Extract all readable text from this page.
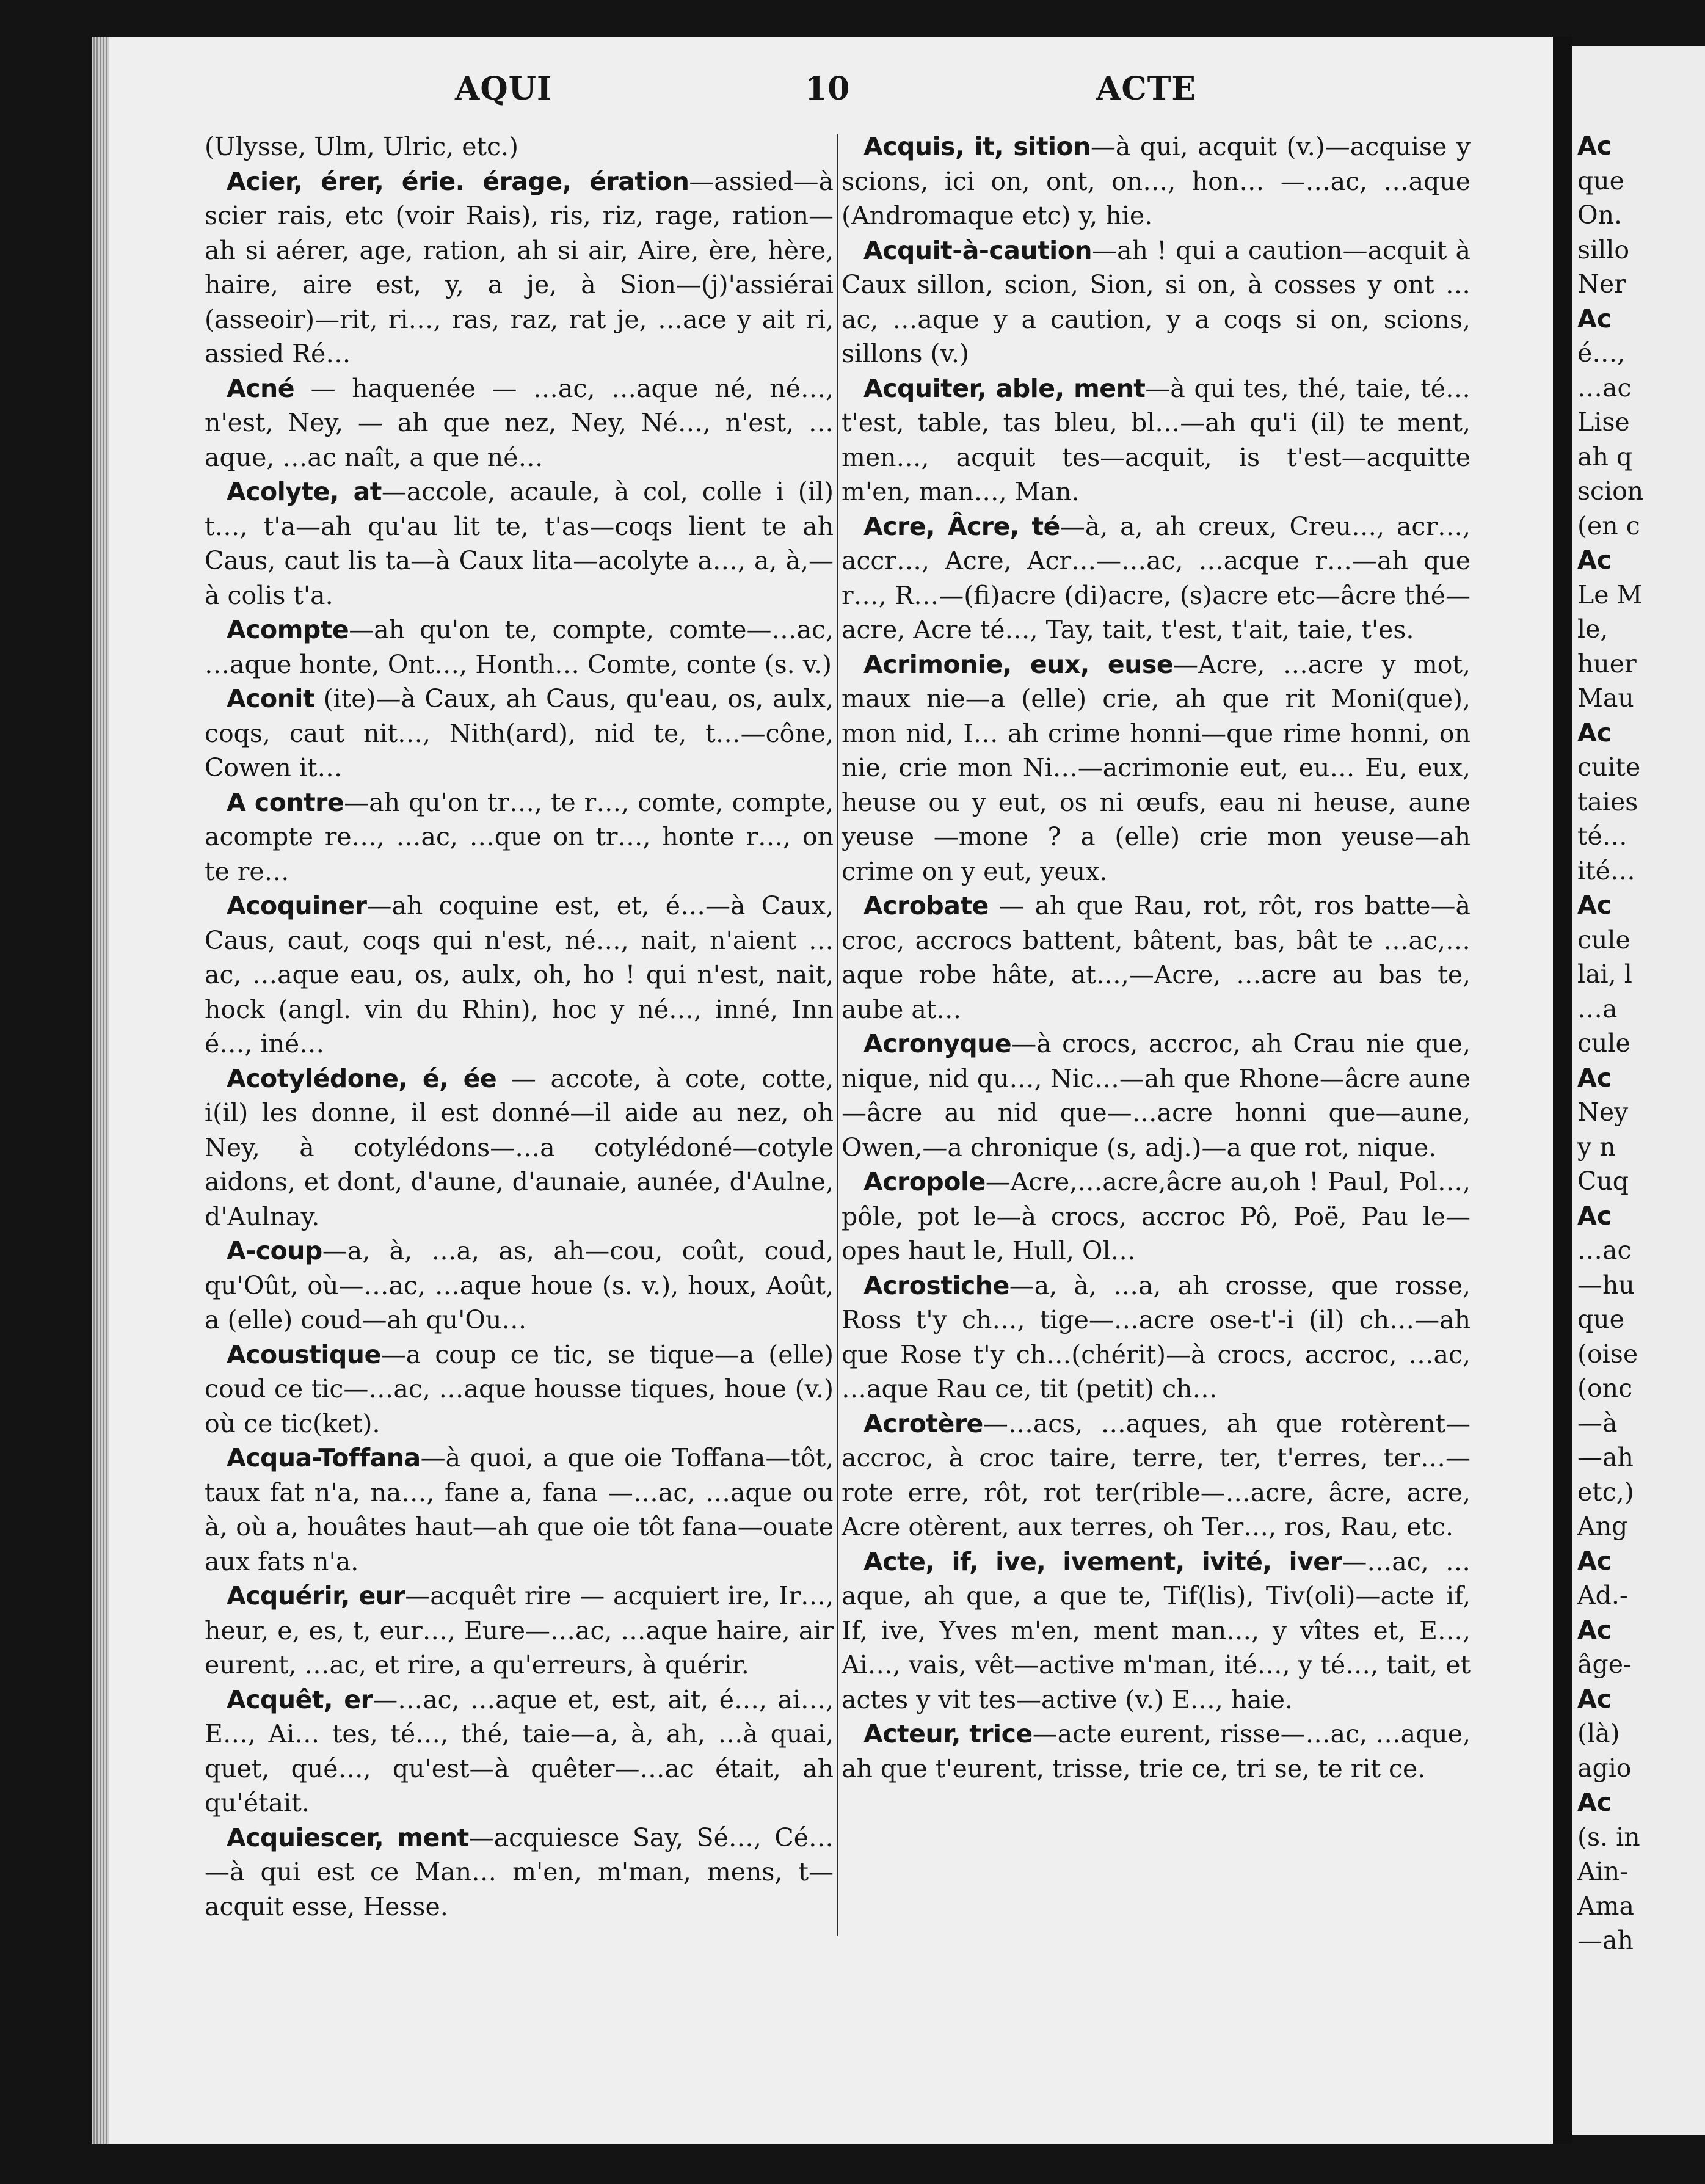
Ac
que
On.
sillo
Ner
Ac
é…,
…ac
Lise
ah q
scion
(en c
Ac
Le M
le,
huer
Mau
Ac
cuite
taies
té…
ité…
Ac
cule
lai, l
…a
cule
Ac
Ney
y n
Cuq
Ac
…ac
—hu
que
(oise
(onc
—à
—ah
etc,)
Ang
Ac
Ad.-
Ac
âge-
Ac
(là)
agio
Ac
(s. in
Ain-
Ama
—ah
AQUI	10	ACTE

(Ulysse, Ulm, Ulric, etc.)

Acier, érer, érie. érage, ération—assied—à scier rais, etc (voir Rais), ris, riz, rage, ration—ah si aérer, age, ration, ah si air, Aire, ère, hère, haire, aire est, y, a je, à Sion—(j)'assiérai (asseoir)—rit, ri…, ras, raz, rat je, …ace y ait ri, assied Ré…

Acné — haquenée — …ac, …aque né, né…, n'est, Ney, — ah que nez, Ney, Né…, n'est, …aque, …ac naît, a que né…

Acolyte, at—accole, acaule, à col, colle i (il) t…, t'a—ah qu'au lit te, t'as—coqs lient te ah Caus, caut lis ta—à Caux lita—acolyte a…, a, à,—à colis t'a.

Acompte—ah qu'on te, compte, comte—…ac, …aque honte, Ont…, Honth… Comte, conte (s. v.)

Aconit (ite)—à Caux, ah Caus, qu'eau, os, aulx, coqs, caut nit…, Nith(ard), nid te, t…—cône, Cowen it…

A contre—ah qu'on tr…, te r…, comte, compte, acompte re…, …ac, …que on tr…, honte r…, on te re…

Acoquiner—ah coquine est, et, é…—à Caux, Caus, caut, coqs qui n'est, né…, nait, n'aient …ac, …aque eau, os, aulx, oh, ho ! qui n'est, nait, hock (angl. vin du Rhin), hoc y né…, inné, Inn é…, iné…

Acotylédone, é, ée — accote, à cote, cotte, i(il) les donne, il est donné—il aide au nez, oh Ney, à cotylédons—…a cotylédoné—cotyle aidons, et dont, d'aune, d'aunaie, aunée, d'Aulne, d'Aulnay.

A-coup—a, à, …a, as, ah—cou, coût, coud, qu'Oût, où—…ac, …aque houe (s. v.), houx, Août, a (elle) coud—ah qu'Ou…

Acoustique—a coup ce tic, se tique—a (elle) coud ce tic—…ac, …aque housse tiques, houe (v.) où ce tic(ket).

Acqua-Toffana—à quoi, a que oie Toffana—tôt, taux fat n'a, na…, fane a, fana —…ac, …aque ou à, où a, houâtes haut—ah que oie tôt fana—ouate aux fats n'a.

Acquérir, eur—acquêt rire — acquiert ire, Ir…, heur, e, es, t, eur…, Eure—…ac, …aque haire, air eurent, …ac, et rire, a qu'erreurs, à quérir.

Acquêt, er—…ac, …aque et, est, ait, é…, ai…, E…, Ai… tes, té…, thé, taie—a, à, ah, …à quai, quet, qué…, qu'est—à quêter—…ac était, ah qu'était.

Acquiescer, ment—acquiesce Say, Sé…, Cé…—à qui est ce Man… m'en, m'man, mens, t—acquit esse, Hesse.

Acquis, it, sition—à qui, acquit (v.)—acquise y scions, ici on, ont, on…, hon… —…ac, …aque (Andromaque etc) y, hie.

Acquit-à-caution—ah ! qui a caution—acquit à Caux sillon, scion, Sion, si on, à cosses y ont …ac, …aque y a caution, y a coqs si on, scions, sillons (v.)

Acquiter, able, ment—à qui tes, thé, taie, té… t'est, table, tas bleu, bl…—ah qu'i (il) te ment, men…, acquit tes—acquit, is t'est—acquitte m'en, man…, Man.

Acre, Âcre, té—à, a, ah creux, Creu…, acr…, accr…, Acre, Acr…—…ac, …acque r…—ah que r…, R…—(fi)acre (di)acre, (s)acre etc—âcre thé—acre, Acre té…, Tay, tait, t'est, t'ait, taie, t'es.

Acrimonie, eux, euse—Acre, …acre y mot, maux nie—a (elle) crie, ah que rit Moni(que), mon nid, I… ah crime honni—que rime honni, on nie, crie mon Ni…—acrimonie eut, eu… Eu, eux, heuse ou y eut, os ni œufs, eau ni heuse, aune yeuse —mone ? a (elle) crie mon yeuse—ah crime on y eut, yeux.

Acrobate — ah que Rau, rot, rôt, ros batte—à croc, accrocs battent, bâtent, bas, bât te …ac,…aque robe hâte, at…,—Acre, …acre au bas te, aube at…

Acronyque—à crocs, accroc, ah Crau nie que, nique, nid qu…, Nic…—ah que Rhone—âcre aune—âcre au nid que—…acre honni que—aune, Owen,—a chronique (s, adj.)—a que rot, nique.

Acropole—Acre,…acre,âcre au,oh ! Paul, Pol…, pôle, pot le—à crocs, accroc Pô, Poë, Pau le—opes haut le, Hull, Ol…

Acrostiche—a, à, …a, ah crosse, que rosse, Ross t'y ch…, tige—…acre ose-t'-i (il) ch…—ah que Rose t'y ch…(chérit)—à crocs, accroc, …ac, …aque Rau ce, tit (petit) ch…

Acrotère—…acs, …aques, ah que rotèrent—accroc, à croc taire, terre, ter, t'erres, ter…—rote erre, rôt, rot ter(rible—…acre, âcre, acre, Acre otèrent, aux terres, oh Ter…, ros, Rau, etc.

Acte, if, ive, ivement, ivité, iver—…ac, …aque, ah que, a que te, Tif(lis), Tiv(oli)—acte if, If, ive, Yves m'en, ment man…, y vîtes et, E…, Ai…, vais, vêt—active m'man, ité…, y té…, tait, et actes y vit tes—active (v.) E…, haie.

Acteur, trice—acte eurent, risse—…ac, …aque, ah que t'eurent, trisse, trie ce, tri se, te rit ce.
